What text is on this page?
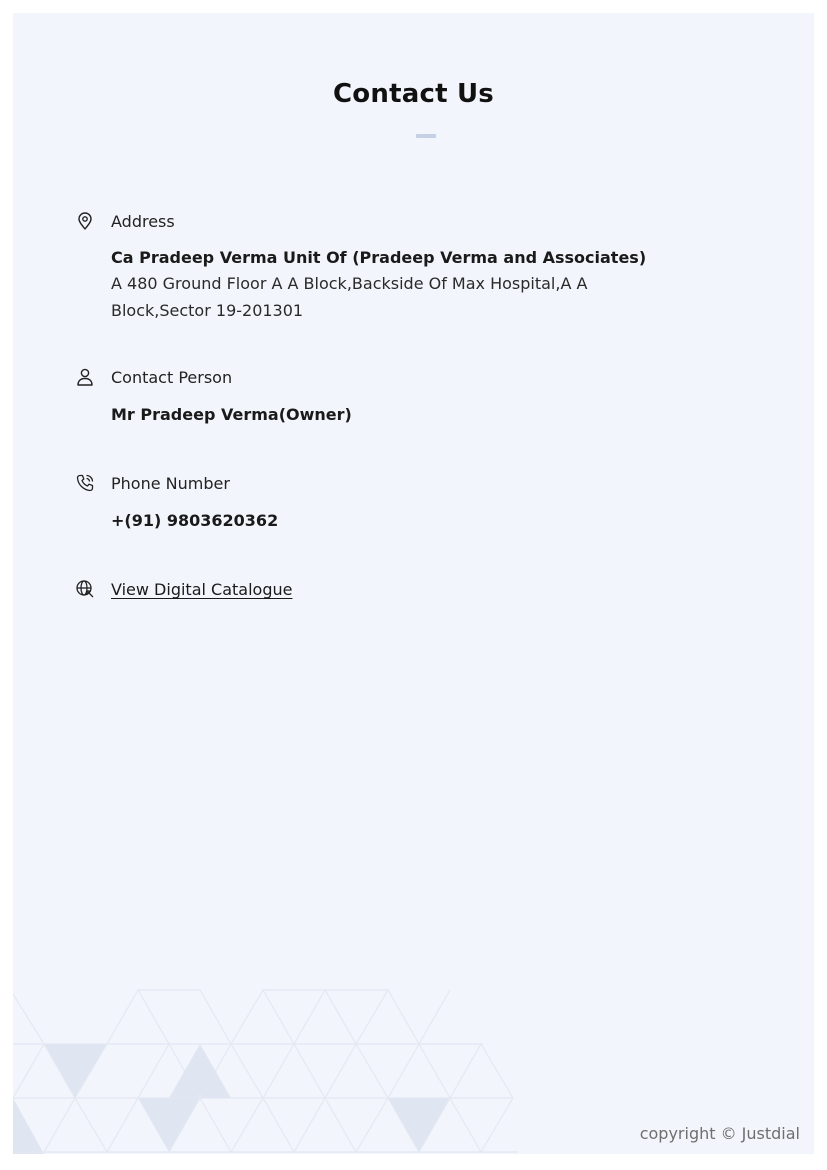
Contact Us
Address
Ca Pradeep Verma Unit Of (Pradeep Verma and Associates)
A 480 Ground Floor A A Block,Backside Of Max Hospital,A A Block,Sector 19-201301
Contact Person
Mr Pradeep Verma(Owner)
Phone Number
+(91) 9803620362
View Digital Catalogue
copyright © Justdial
